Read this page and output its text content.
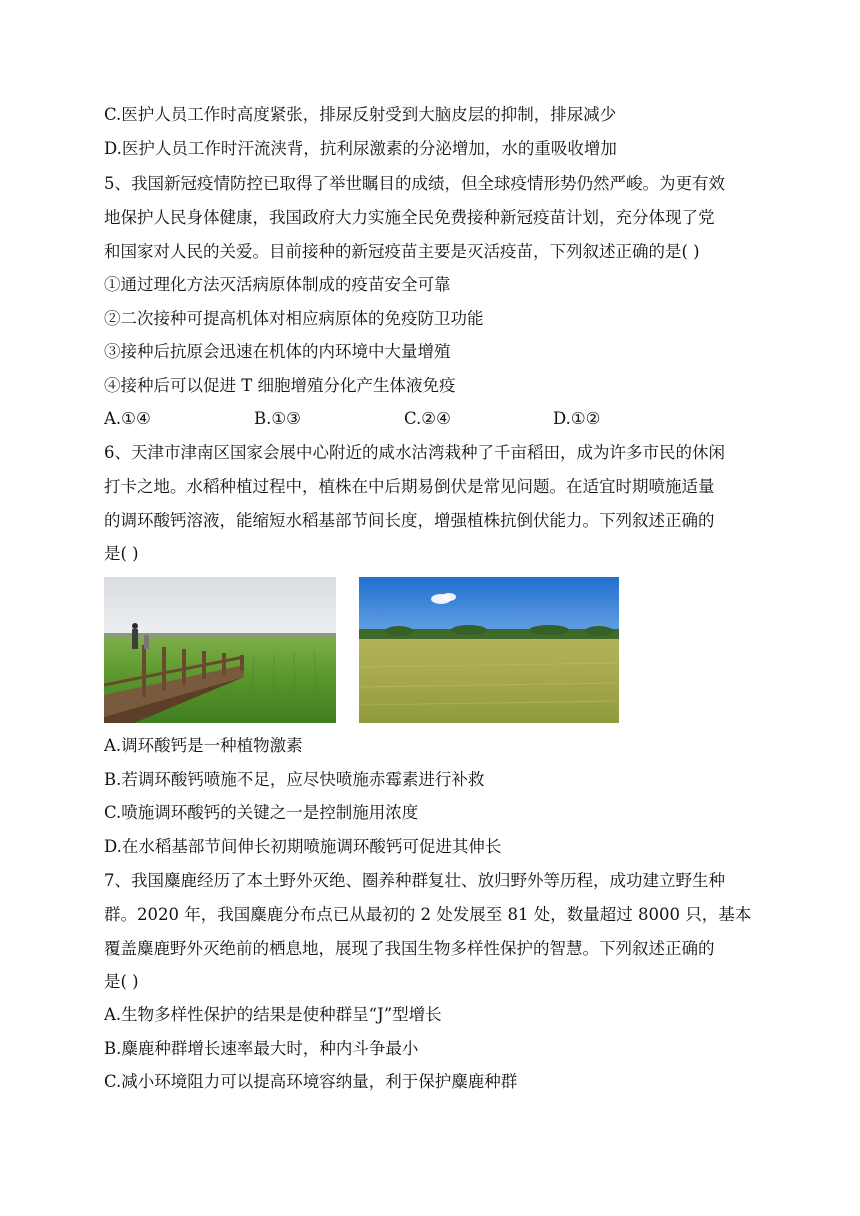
C.医护人员工作时高度紧张，排尿反射受到大脑皮层的抑制，排尿减少
D.医护人员工作时汗流浃背，抗利尿激素的分泌增加，水的重吸收增加
5、我国新冠疫情防控已取得了举世瞩目的成绩，但全球疫情形势仍然严峻。为更有效
地保护人民身体健康，我国政府大力实施全民免费接种新冠疫苗计划，充分体现了党
和国家对人民的关爱。目前接种的新冠疫苗主要是灭活疫苗，下列叙述正确的是( )
①通过理化方法灭活病原体制成的疫苗安全可靠
②二次接种可提高机体对相应病原体的免疫防卫功能
③接种后抗原会迅速在机体的内环境中大量增殖
④接种后可以促进 T 细胞增殖分化产生体液免疫
A.①④	B.①③	C.②④	D.①②
6、天津市津南区国家会展中心附近的咸水沽湾栽种了千亩稻田，成为许多市民的休闲
打卡之地。水稻种植过程中，植株在中后期易倒伏是常见问题。在适宜时期喷施适量
的调环酸钙溶液，能缩短水稻基部节间长度，增强植株抗倒伏能力。下列叙述正确的
是( )
A.调环酸钙是一种植物激素
B.若调环酸钙喷施不足，应尽快喷施赤霉素进行补救
C.喷施调环酸钙的关键之一是控制施用浓度
D.在水稻基部节间伸长初期喷施调环酸钙可促进其伸长
7、我国麋鹿经历了本土野外灭绝、圈养种群复壮、放归野外等历程，成功建立野生种
群。2020 年，我国麋鹿分布点已从最初的 2 处发展至 81 处，数量超过 8000 只，基本
覆盖麋鹿野外灭绝前的栖息地，展现了我国生物多样性保护的智慧。下列叙述正确的
是( )
A.生物多样性保护的结果是使种群呈“J”型增长
B.麋鹿种群增长速率最大时，种内斗争最小
C.减小环境阻力可以提高环境容纳量，利于保护麋鹿种群
